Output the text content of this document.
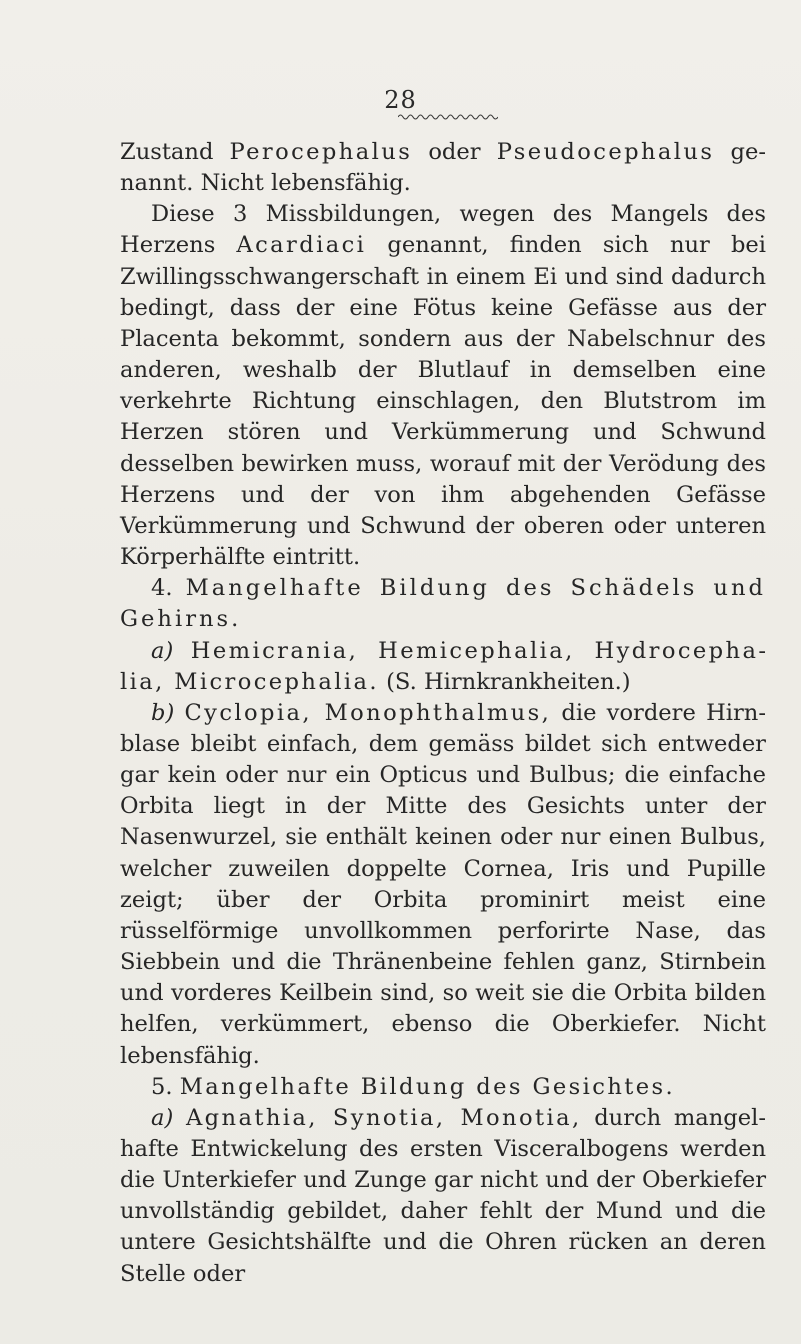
28

Zustand Perocephalus oder Pseudocephalus genannt. Nicht lebensfähig.

Diese 3 Missbildungen, wegen des Mangels des Herzens Acardiaci genannt, finden sich nur bei Zwillingsschwangerschaft in einem Ei und sind dadurch bedingt, dass der eine Fötus keine Gefässe aus der Placenta bekommt, sondern aus der Nabelschnur des anderen, weshalb der Blutlauf in demselben eine verkehrte Richtung einschlagen, den Blutstrom im Herzen stören und Verkümmerung und Schwund desselben bewirken muss, worauf mit der Verödung des Herzens und der von ihm abgehenden Gefässe Verkümmerung und Schwund der oberen oder unteren Körperhälfte eintritt.

4. Mangelhafte Bildung des Schädels und Gehirns.

a) Hemicrania, Hemicephalia, Hydrocephalia, Microcephalia. (S. Hirnkrankheiten.)

b) Cyclopia, Monophthalmus, die vordere Hirnblase bleibt einfach, dem gemäss bildet sich entweder gar kein oder nur ein Opticus und Bulbus; die einfache Orbita liegt in der Mitte des Gesichts unter der Nasenwurzel, sie enthält keinen oder nur einen Bulbus, welcher zuweilen doppelte Cornea, Iris und Pupille zeigt; über der Orbita prominirt meist eine rüsselförmige unvollkommen perforirte Nase, das Siebbein und die Thränenbeine fehlen ganz, Stirnbein und vorderes Keilbein sind, so weit sie die Orbita bilden helfen, verkümmert, ebenso die Oberkiefer. Nicht lebensfähig.

5. Mangelhafte Bildung des Gesichtes.

a) Agnathia, Synotia, Monotia, durch mangelhafte Entwickelung des ersten Visceralbogens werden die Unterkiefer und Zunge gar nicht und der Oberkiefer unvollständig gebildet, daher fehlt der Mund und die untere Gesichtshälfte und die Ohren rücken an deren Stelle oder
